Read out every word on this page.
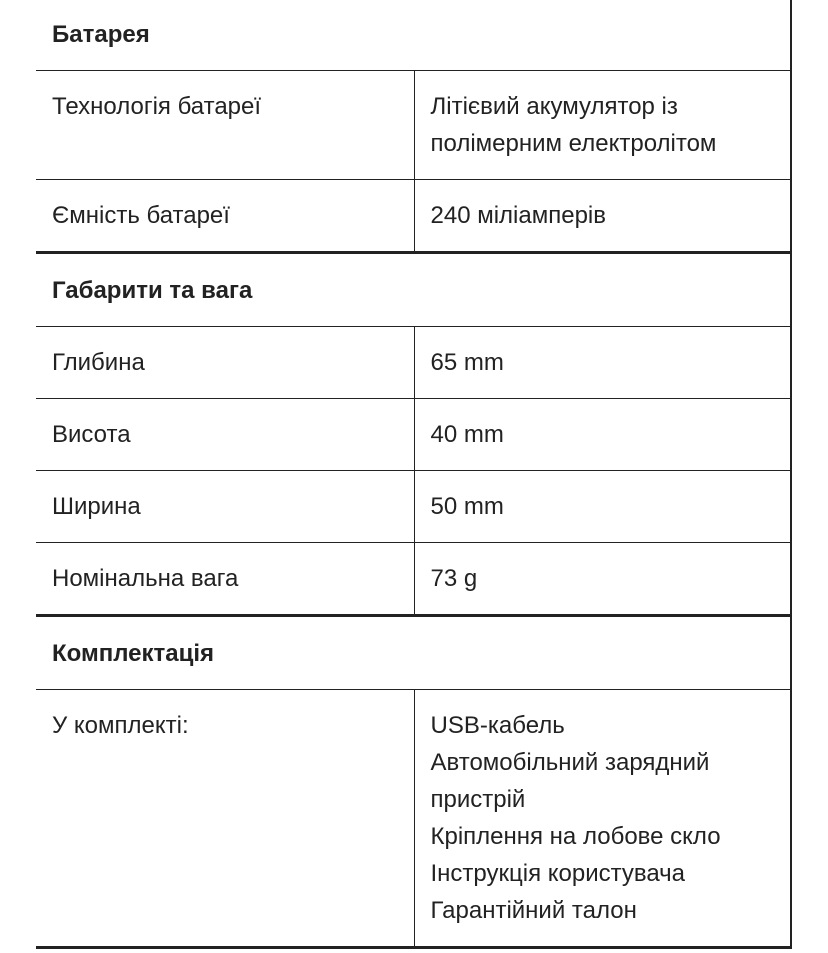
Батарея	
Технологія батареї	Літієвий акумулятор із полімерним електролітом
Ємність батареї	240 міліамперів
Габарити та вага	
Глибина	65 mm
Висота	40 mm
Ширина	50 mm
Номінальна вага	73 g
Комплектація	
У комплекті:	USB-кабель
Автомобільний зарядний пристрій
Кріплення на лобове скло
Інструкція користувача
Гарантійний талон
